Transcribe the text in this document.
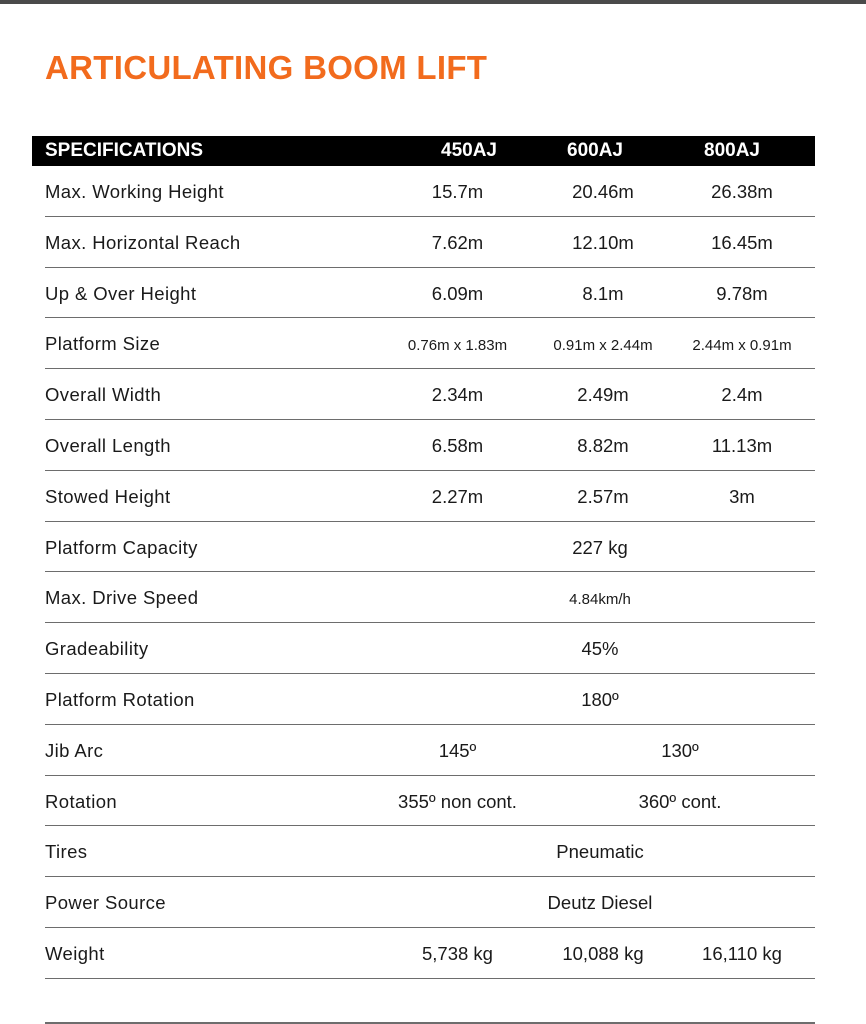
ARTICULATING BOOM LIFT
SPECIFICATIONS	450AJ	600AJ	800AJ
Max. Working Height	15.7m	20.46m	26.38m
Max. Horizontal Reach	7.62m	12.10m	16.45m
Up & Over Height	6.09m	8.1m	9.78m
Platform Size	0.76m x 1.83m	0.91m x 2.44m	2.44m x 0.91m
Overall Width	2.34m	2.49m	2.4m
Overall Length	6.58m	8.82m	11.13m
Stowed Height	2.27m	2.57m	3m
Platform Capacity	227 kg
Max. Drive Speed	4.84km/h
Gradeability	45%
Platform Rotation	180º
Jib Arc	145º	130º
Rotation	355º non cont.	360º cont.
Tires	Pneumatic
Power Source	Deutz Diesel
Weight	5,738 kg	10,088 kg	16,110 kg
